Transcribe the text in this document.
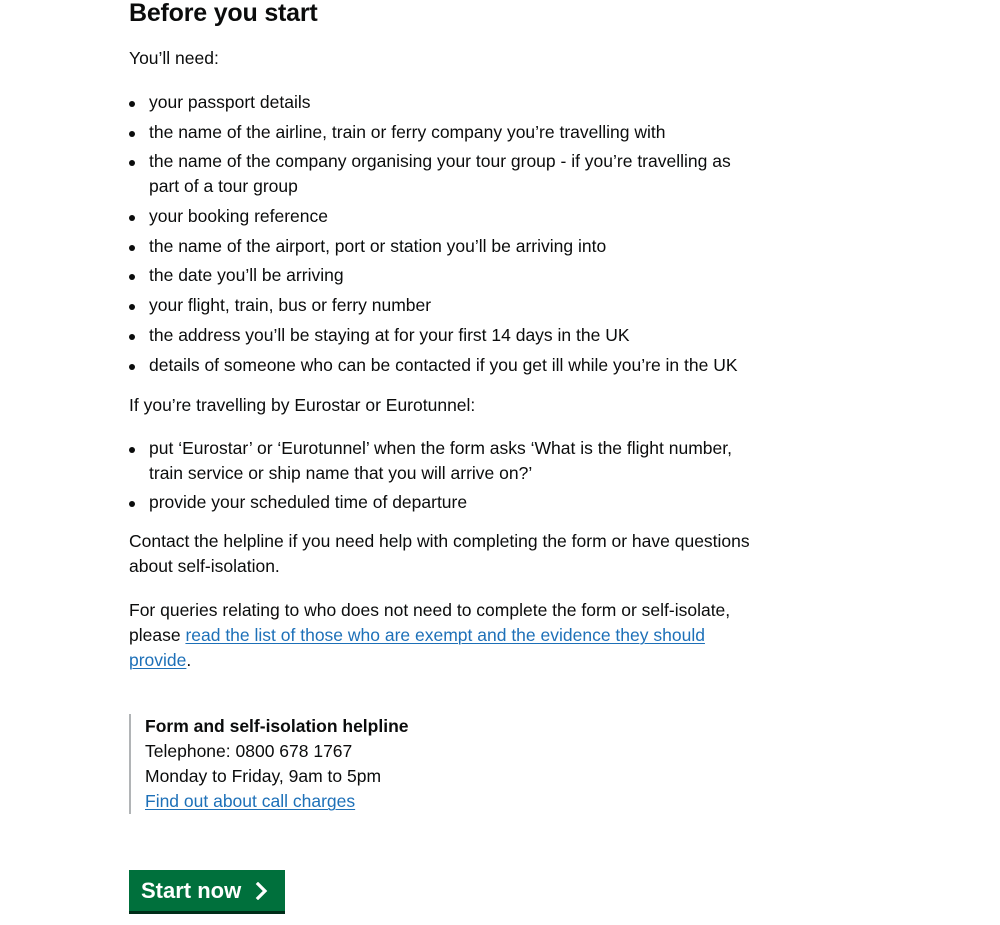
Before you start

You’ll need:

your passport details
the name of the airline, train or ferry company you’re travelling with
the name of the company organising your tour group - if you’re travelling as part of a tour group
your booking reference
the name of the airport, port or station you’ll be arriving into
the date you’ll be arriving
your flight, train, bus or ferry number
the address you’ll be staying at for your first 14 days in the UK
details of someone who can be contacted if you get ill while you’re in the UK

If you’re travelling by Eurostar or Eurotunnel:

put ‘Eurostar’ or ‘Eurotunnel’ when the form asks ‘What is the flight number, train service or ship name that you will arrive on?’
provide your scheduled time of departure

Contact the helpline if you need help with completing the form or have questions about self-isolation.

For queries relating to who does not need to complete the form or self-isolate, please read the list of those who are exempt and the evidence they should provide.

Form and self-isolation helpline
Telephone: 0800 678 1767
Monday to Friday, 9am to 5pm
Find out about call charges
Start now
